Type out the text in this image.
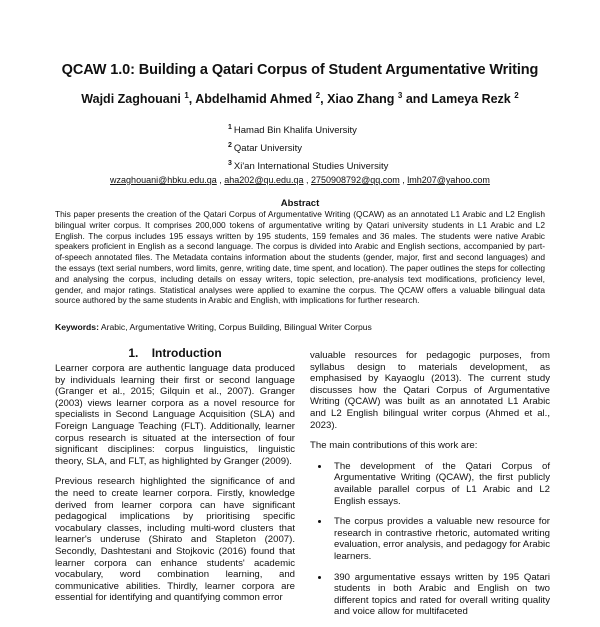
QCAW 1.0: Building a Qatari Corpus of Student Argumentative Writing
Wajdi Zaghouani $^1$, Abdelhamid Ahmed $^2$, Xiao Zhang $^3$ and Lameya Rezk $^2$
$^1$ Hamad Bin Khalifa University
$^2$ Qatar University
$^3$ Xi'an International Studies University
wzaghouani@hbku.edu.qa , aha202@qu.edu.qa , 2750908792@qq.com , lmh207@yahoo.com
Abstract
This paper presents the creation of the Qatari Corpus of Argumentative Writing (QCAW) as an annotated L1 Arabic and L2 English bilingual writer corpus. It comprises 200,000 tokens of argumentative writing by Qatari university students in L1 Arabic and L2 English. The corpus includes 195 essays written by 195 students, 159 females and 36 males. The students were native Arabic speakers proficient in English as a second language. The corpus is divided into Arabic and English sections, accompanied by part-of-speech annotated files. The Metadata contains information about the students (gender, major, first and second languages) and the essays (text serial numbers, word limits, genre, writing date, time spent, and location). The paper outlines the steps for collecting and analysing the corpus, including details on essay writers, topic selection, pre-analysis text modifications, proficiency level, gender, and major ratings. Statistical analyses were applied to examine the corpus. The QCAW offers a valuable bilingual data source authored by the same students in Arabic and English, with implications for further research.
Keywords: Arabic, Argumentative Writing, Corpus Building, Bilingual Writer Corpus
1. Introduction

Learner corpora are authentic language data produced by individuals learning their first or second language (Granger et al., 2015; Gilquin et al., 2007). Granger (2003) views learner corpora as a novel resource for specialists in Second Language Acquisition (SLA) and Foreign Language Teaching (FLT). Additionally, learner corpus research is situated at the intersection of four significant disciplines: corpus linguistics, linguistic theory, SLA, and FLT, as highlighted by Granger (2009).

Previous research highlighted the significance of and the need to create learner corpora. Firstly, knowledge derived from learner corpora can have significant pedagogical implications by prioritising specific vocabulary classes, including multi-word clusters that learner's underuse (Shirato and Stapleton (2007). Secondly, Dashtestani and Stojkovic (2016) found that learner corpora can enhance students' academic vocabulary, word combination learning, and communicative abilities. Thirdly, learner corpora are essential for identifying and quantifying common error

valuable resources for pedagogic purposes, from syllabus design to materials development, as emphasised by Kayaoglu (2013). The current study discusses how the Qatari Corpus of Argumentative Writing (QCAW) was built as an annotated L1 Arabic and L2 English bilingual writer corpus (Ahmed et al., 2023).

The main contributions of this work are:

• The development of the Qatari Corpus of Argumentative Writing (QCAW), the first publicly available parallel corpus of L1 Arabic and L2 English essays.
• The corpus provides a valuable new resource for research in contrastive rhetoric, automated writing evaluation, error analysis, and pedagogy for Arabic learners.
• 390 argumentative essays written by 195 Qatari students in both Arabic and English on two different topics and rated for overall writing quality and voice allow for multifaceted
